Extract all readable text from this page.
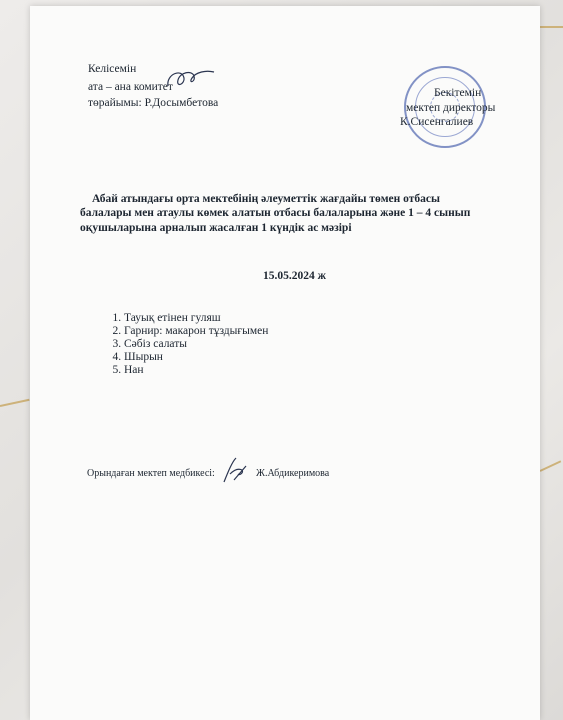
Келісемін
ата – ана комитет
төрайымы: Р.Досымбетова
Бекітемін
мектеп директоры
К.Сисенгалиев
Абай атындағы орта мектебінің әлеуметтік жағдайы төмен отбасы
балалары мен атаулы көмек алатын отбасы балаларына және 1 – 4 сынып
оқушыларына арналып жасалған 1 күндік ас мәзірі
15.05.2024 ж
1. Тауық етінен гуляш
2. Гарнир: макарон тұздығымен
3. Сәбіз салаты
4. Шырын
5. Нан
Орындаған мектеп медбикесі:	Ж.Абдикеримова
